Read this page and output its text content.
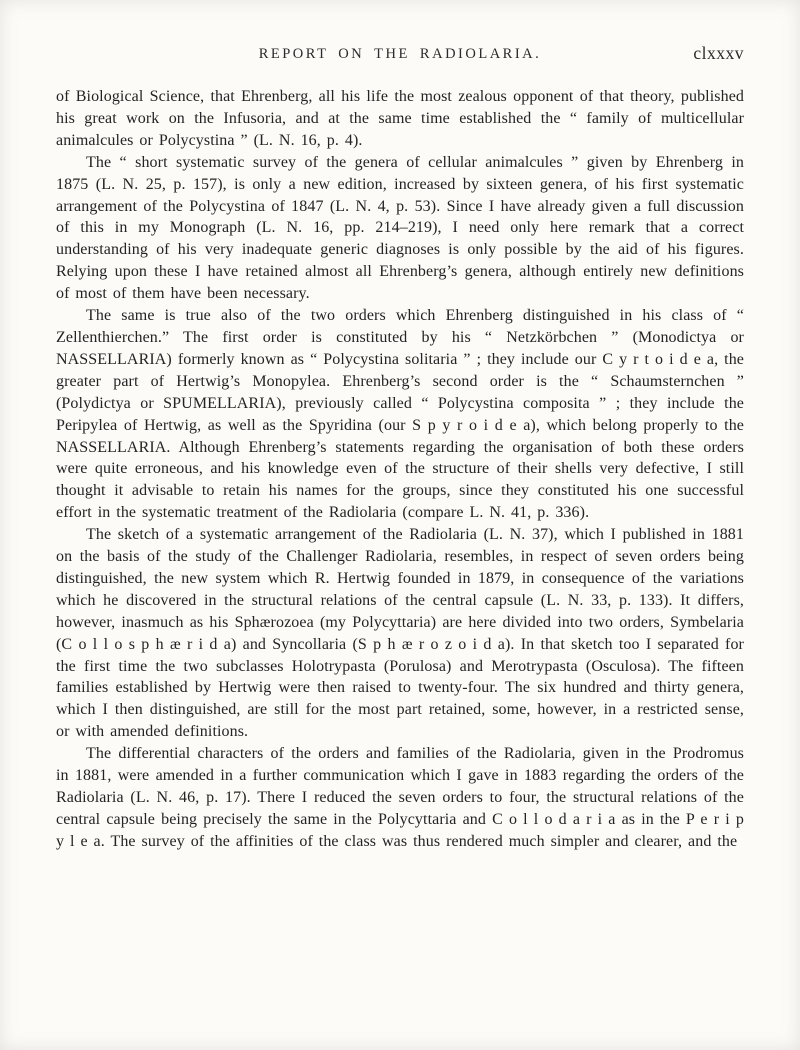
REPORT ON THE RADIOLARIA.	clxxxv

of Biological Science, that Ehrenberg, all his life the most zealous opponent of that theory, published his great work on the Infusoria, and at the same time established the “ family of multicellular animalcules or Polycystina ” (L. N. 16, p. 4).

The “ short systematic survey of the genera of cellular animalcules ” given by Ehrenberg in 1875 (L. N. 25, p. 157), is only a new edition, increased by sixteen genera, of his first systematic arrangement of the Polycystina of 1847 (L. N. 4, p. 53). Since I have already given a full discussion of this in my Monograph (L. N. 16, pp. 214–219), I need only here remark that a correct understanding of his very inadequate generic diagnoses is only possible by the aid of his figures. Relying upon these I have retained almost all Ehrenberg’s genera, although entirely new definitions of most of them have been necessary.

The same is true also of the two orders which Ehrenberg distinguished in his class of “ Zellenthierchen.” The first order is constituted by his “ Netzkörbchen ” (Monodictya or NASSELLARIA) formerly known as “ Polycystina solitaria ” ; they include our C y r t o i d e a, the greater part of Hertwig’s Monopylea. Ehrenberg’s second order is the “ Schaumsternchen ” (Polydictya or SPUMELLARIA), previously called “ Polycystina composita ” ; they include the Peripylea of Hertwig, as well as the Spyridina (our S p y r o i d e a), which belong properly to the NASSELLARIA. Although Ehrenberg’s statements regarding the organisation of both these orders were quite erroneous, and his knowledge even of the structure of their shells very defective, I still thought it advisable to retain his names for the groups, since they constituted his one successful effort in the systematic treatment of the Radiolaria (compare L. N. 41, p. 336).

The sketch of a systematic arrangement of the Radiolaria (L. N. 37), which I published in 1881 on the basis of the study of the Challenger Radiolaria, resembles, in respect of seven orders being distinguished, the new system which R. Hertwig founded in 1879, in consequence of the variations which he discovered in the structural relations of the central capsule (L. N. 33, p. 133). It differs, however, inasmuch as his Sphærozoea (my Polycyttaria) are here divided into two orders, Symbelaria (C o l l o s p h æ r i d a) and Syncollaria (S p h æ r o z o i d a). In that sketch too I separated for the first time the two subclasses Holotrypasta (Porulosa) and Merotrypasta (Osculosa). The fifteen families established by Hertwig were then raised to twenty-four. The six hundred and thirty genera, which I then distinguished, are still for the most part retained, some, however, in a restricted sense, or with amended definitions.

The differential characters of the orders and families of the Radiolaria, given in the Prodromus in 1881, were amended in a further communication which I gave in 1883 regarding the orders of the Radiolaria (L. N. 46, p. 17). There I reduced the seven orders to four, the structural relations of the central capsule being precisely the same in the Polycyttaria and C o l l o d a r i a as in the P e r i p y l e a. The survey of the affinities of the class was thus rendered much simpler and clearer, and the
